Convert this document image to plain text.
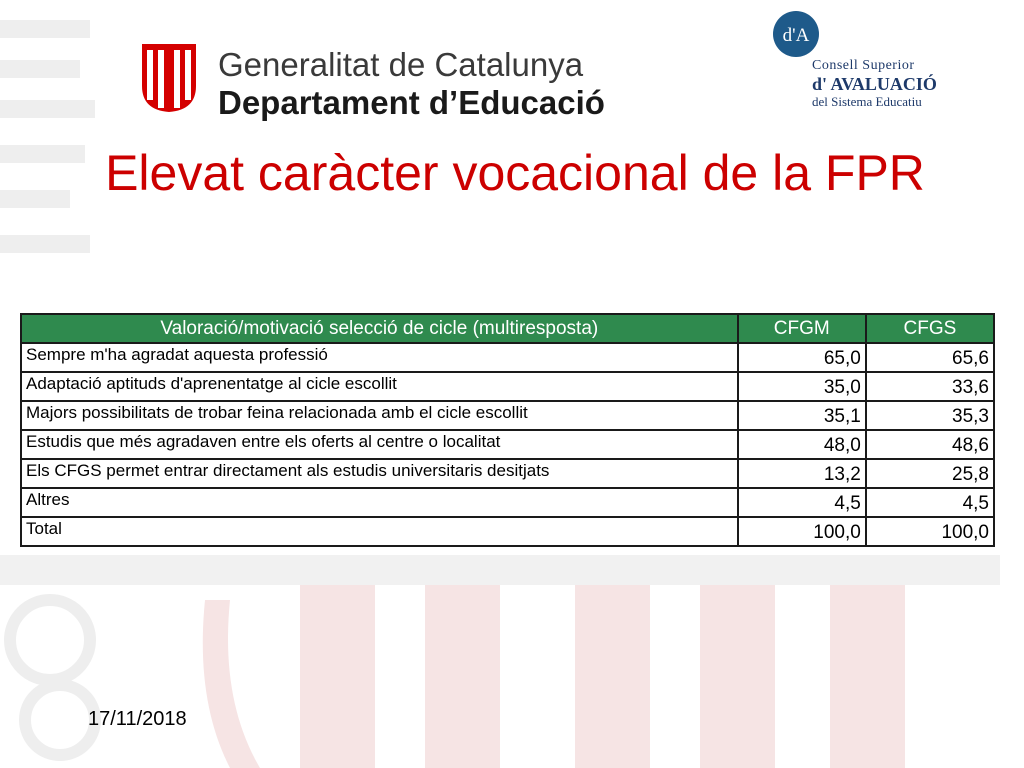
Generalitat de Catalunya
Departament d’Educació
d'A
Consell Superior
d' AVALUACIÓ
del Sistema Educatiu
Elevat caràcter vocacional de la FPR
Valoració/motivació selecció de cicle (multiresposta)	CFGM	CFGS
Sempre m'ha agradat aquesta professió	65,0	65,6
Adaptació aptituds d'aprenentatge al cicle escollit	35,0	33,6
Majors possibilitats de trobar feina relacionada amb el cicle escollit	35,1	35,3
Estudis que més agradaven entre els oferts al centre o localitat	48,0	48,6
Els CFGS permet entrar directament als estudis universitaris desitjats	13,2	25,8
Altres	4,5	4,5
Total	100,0	100,0
17/11/2018
